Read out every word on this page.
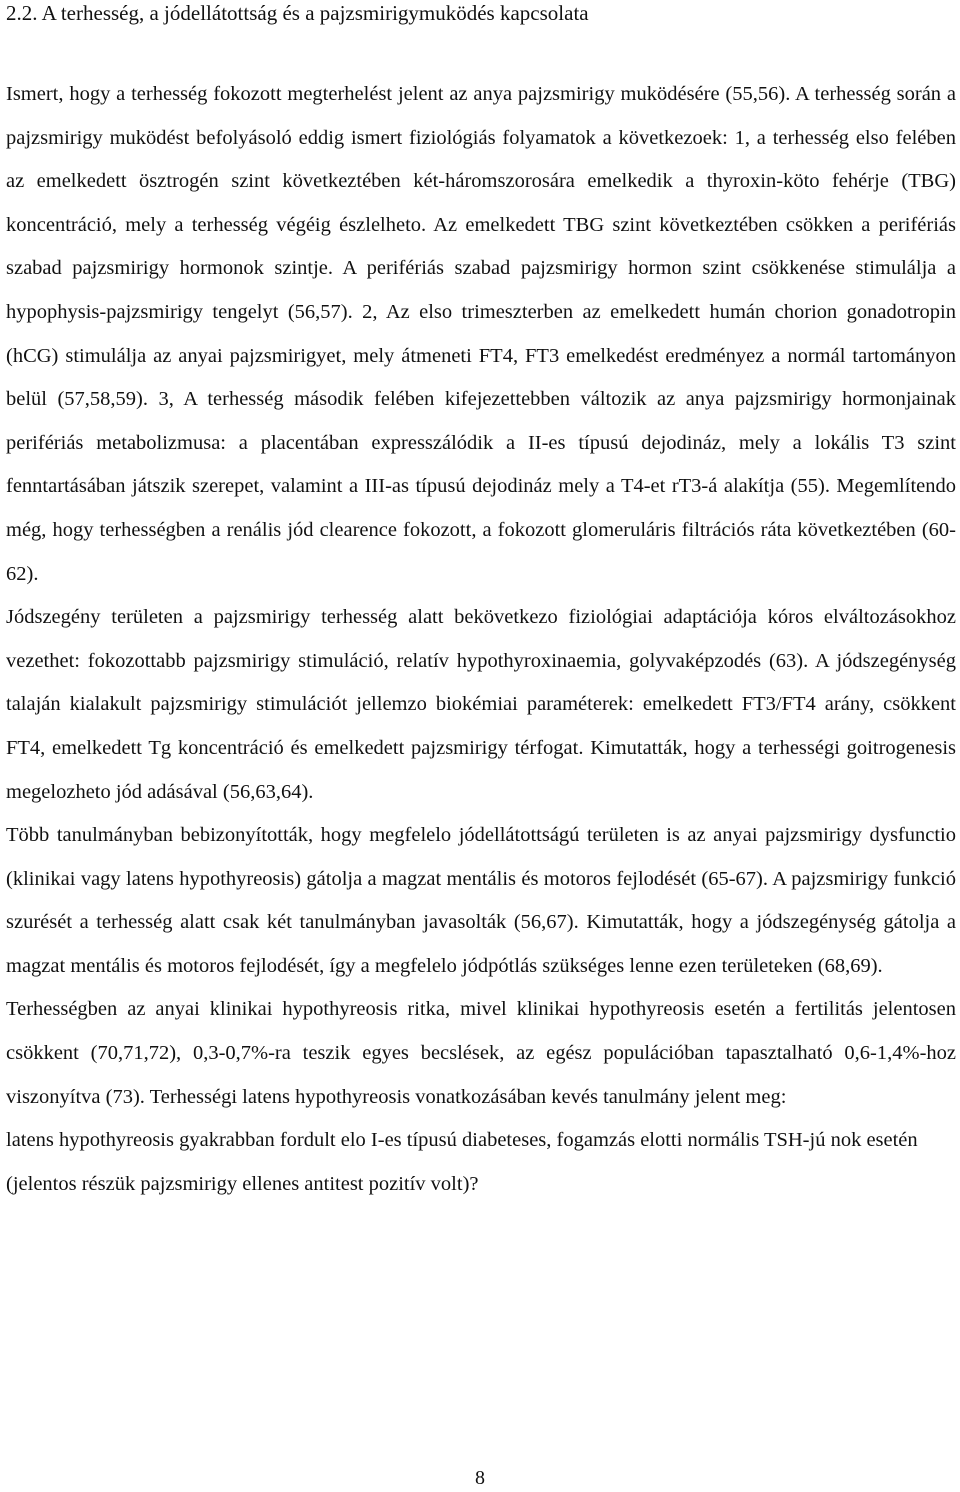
2.2. A terhesség, a jódellátottság és a pajzsmirigymuködés kapcsolata

Ismert, hogy a terhesség fokozott megterhelést jelent az anya pajzsmirigy muködésére (55,56). A terhesség során a pajzsmirigy muködést befolyásoló eddig ismert fiziológiás folyamatok a következoek: 1, a terhesség elso felében az emelkedett ösztrogén szint következtében két-háromszorosára emelkedik a thyroxin-köto fehérje (TBG) koncentráció, mely a terhesség végéig észlelheto. Az emelkedett TBG szint következtében csökken a perifériás szabad pajzsmirigy hormonok szintje. A perifériás szabad pajzsmirigy hormon szint csökkenése stimulálja a hypophysis-pajzsmirigy tengelyt (56,57). 2, Az elso trimeszterben az emelkedett humán chorion gonadotropin (hCG) stimulálja az anyai pajzsmirigyet, mely átmeneti FT4, FT3 emelkedést eredményez a normál tartományon belül (57,58,59). 3, A terhesség második felében kifejezettebben változik az anya pajzsmirigy hormonjainak perifériás metabolizmusa: a placentában expresszálódik a II-es típusú dejodináz, mely a lokális T3 szint fenntartásában játszik szerepet, valamint a III-as típusú dejodináz mely a T4-et rT3-á alakítja (55). Megemlítendo még, hogy terhességben a renális jód clearence fokozott, a fokozott glomeruláris filtrációs ráta következtében (60-62).

Jódszegény területen a pajzsmirigy terhesség alatt bekövetkezo fiziológiai adaptációja kóros elváltozásokhoz vezethet: fokozottabb pajzsmirigy stimuláció, relatív hypothyroxinaemia, golyvaképzodés (63). A jódszegénység talaján kialakult pajzsmirigy stimulációt jellemzo biokémiai paraméterek: emelkedett FT3/FT4 arány, csökkent FT4, emelkedett Tg koncentráció és emelkedett pajzsmirigy térfogat. Kimutatták, hogy a terhességi goitrogenesis megelozheto jód adásával (56,63,64).

Több tanulmányban bebizonyították, hogy megfelelo jódellátottságú területen is az anyai pajzsmirigy dysfunctio (klinikai vagy latens hypothyreosis) gátolja a magzat mentális és motoros fejlodését (65-67). A pajzsmirigy funkció szurését a terhesség alatt csak két tanulmányban javasolták (56,67). Kimutatták, hogy a jódszegénység gátolja a magzat mentális és motoros fejlodését, így a megfelelo jódpótlás szükséges lenne ezen területeken (68,69).

Terhességben az anyai klinikai hypothyreosis ritka, mivel klinikai hypothyreosis esetén a fertilitás jelentosen csökkent (70,71,72), 0,3-0,7%-ra teszik egyes becslések, az egész populációban tapasztalható 0,6-1,4%-hoz viszonyítva (73). Terhességi latens hypothyreosis vonatkozásában kevés tanulmány jelent meg:

latens hypothyreosis gyakrabban fordult elo I-es típusú diabeteses, fogamzás elotti normális TSH-jú nok esetén (jelentos részük pajzsmirigy ellenes antitest pozitív volt)?

8
